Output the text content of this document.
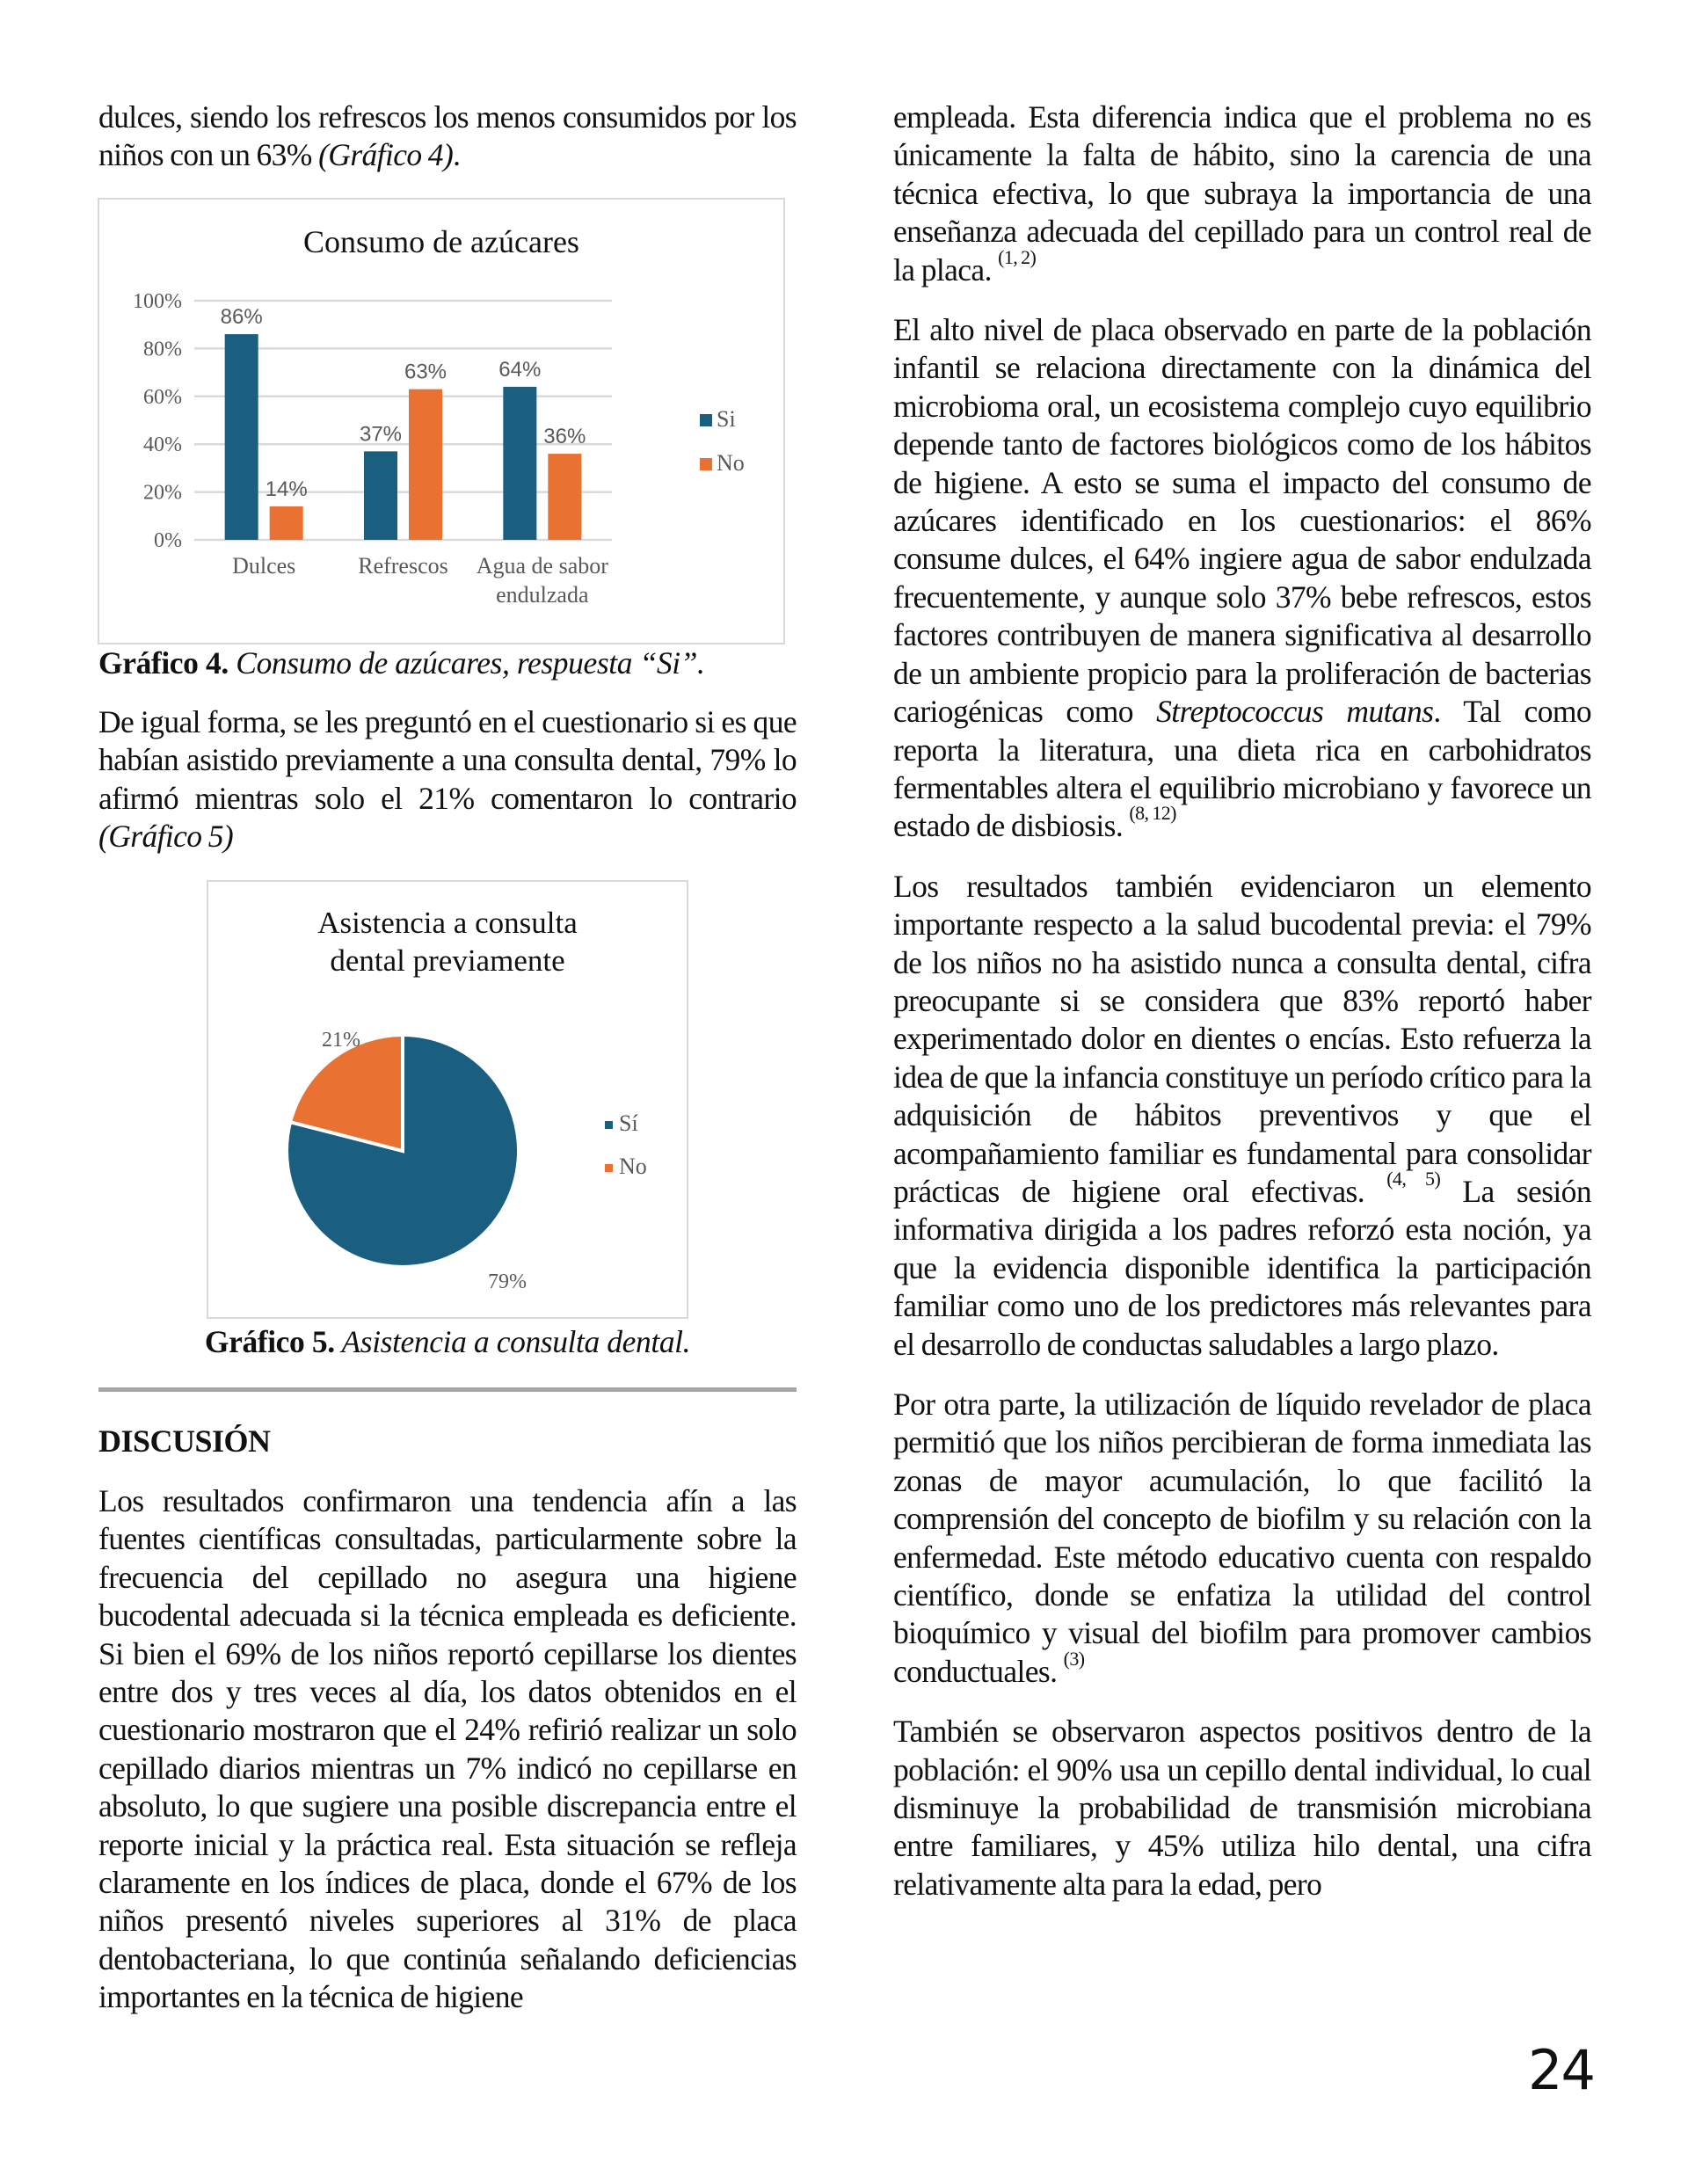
dulces, siendo los refrescos los menos consumidos por los niños con un 63% (Gráfico 4).

Consumo de azúcares
0%
20%
40%
60%
80%
100%
86%
14%
37%
63% 64%
36%
Dulces	Refrescos Agua de sabor
endulzada
Si
No
Gráfico 4. Consumo de azúcares, respuesta “Si”.

De igual forma, se les preguntó en el cuestionario si es que habían asistido previamente a una consulta dental, 79% lo afirmó mientras solo el 21% comentaron lo contrario (Gráfico 5)

Asistencia a consulta
dental previamente
21%
79%
Sí
No
Gráfico 5. Asistencia a consulta dental.
DISCUSIÓN

Los resultados confirmaron una tendencia afín a las fuentes científicas consultadas, particularmente sobre la frecuencia del cepillado no asegura una higiene bucodental adecuada si la técnica empleada es deficiente. Si bien el 69% de los niños reportó cepillarse los dientes entre dos y tres veces al día, los datos obtenidos en el cuestionario mostraron que el 24% refirió realizar un solo cepillado diarios mientras un 7% indicó no cepillarse en absoluto, lo que sugiere una posible discrepancia entre el reporte inicial y la práctica real. Esta situación se refleja claramente en los índices de placa, donde el 67% de los niños presentó niveles superiores al 31% de placa dentobacteriana, lo que continúa señalando deficiencias importantes en la técnica de higiene

empleada. Esta diferencia indica que el problema no es únicamente la falta de hábito, sino la carencia de una técnica efectiva, lo que subraya la importancia de una enseñanza adecuada del cepillado para un control real de la placa. $^{(1, 2)}$

El alto nivel de placa observado en parte de la población infantil se relaciona directamente con la dinámica del microbioma oral, un ecosistema complejo cuyo equilibrio depende tanto de factores biológicos como de los hábitos de higiene. A esto se suma el impacto del consumo de azúcares identificado en los cuestionarios: el 86% consume dulces, el 64% ingiere agua de sabor endulzada frecuentemente, y aunque solo 37% bebe refrescos, estos factores contribuyen de manera significativa al desarrollo de un ambiente propicio para la proliferación de bacterias cariogénicas como Streptococcus mutans. Tal como reporta la literatura, una dieta rica en carbohidratos fermentables altera el equilibrio microbiano y favorece un estado de disbiosis. $^{(8, 12)}$

Los resultados también evidenciaron un elemento importante respecto a la salud bucodental previa: el 79% de los niños no ha asistido nunca a consulta dental, cifra preocupante si se considera que 83% reportó haber experimentado dolor en dientes o encías. Esto refuerza la idea de que la infancia constituye un período crítico para la adquisición de hábitos preventivos y que el acompañamiento familiar es fundamental para consolidar prácticas de higiene oral efectivas. $^{(4, 5)}$ La sesión informativa dirigida a los padres reforzó esta noción, ya que la evidencia disponible identifica la participación familiar como uno de los predictores más relevantes para el desarrollo de conductas saludables a largo plazo.

Por otra parte, la utilización de líquido revelador de placa permitió que los niños percibieran de forma inmediata las zonas de mayor acumulación, lo que facilitó la comprensión del concepto de biofilm y su relación con la enfermedad. Este método educativo cuenta con respaldo científico, donde se enfatiza la utilidad del control bioquímico y visual del biofilm para promover cambios conductuales. $^{(3)}$

También se observaron aspectos positivos dentro de la población: el 90% usa un cepillo dental individual, lo cual disminuye la probabilidad de transmisión microbiana entre familiares, y 45% utiliza hilo dental, una cifra relativamente alta para la edad, pero

24
